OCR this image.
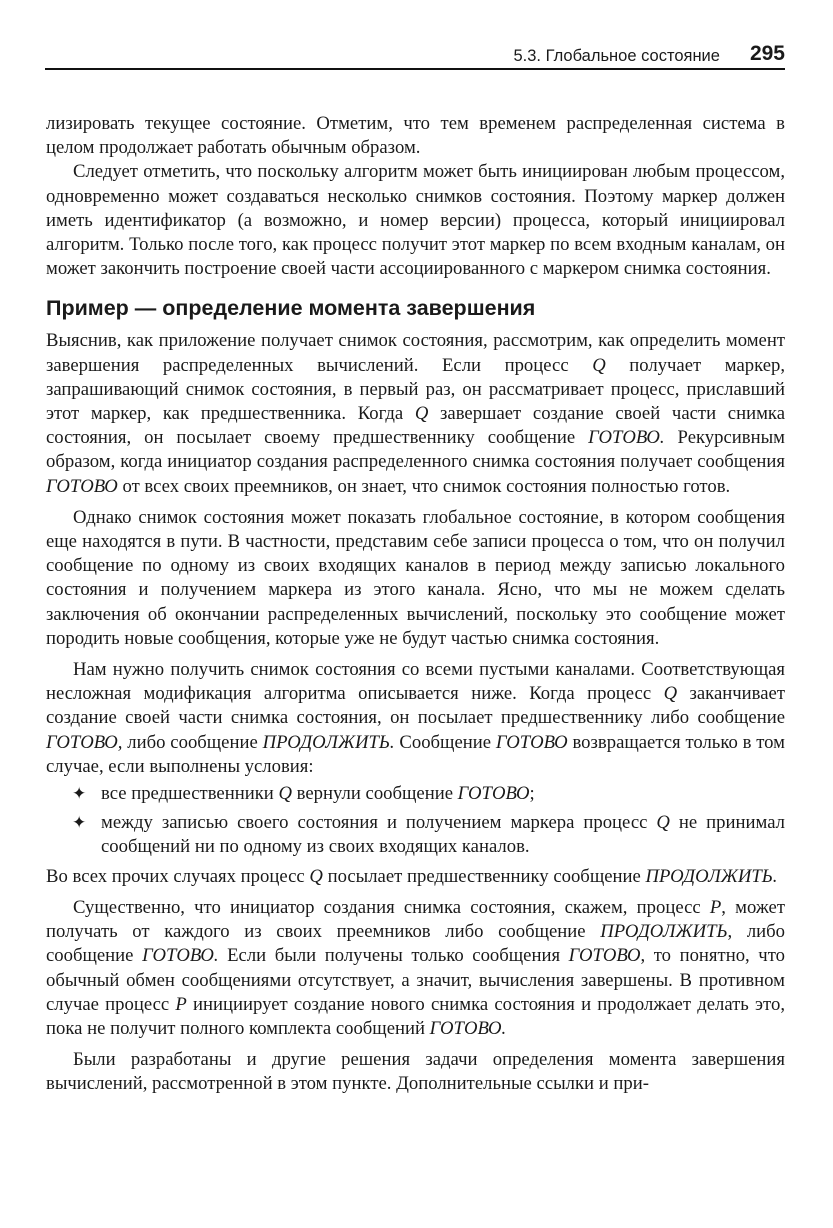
5.3. Глобальное состояние 295

лизировать текущее состояние. Отметим, что тем временем распределенная система в целом продолжает работать обычным образом.

Следует отметить, что поскольку алгоритм может быть инициирован любым процессом, одновременно может создаваться несколько снимков состояния. Поэтому маркер должен иметь идентификатор (а возможно, и номер версии) процесса, который инициировал алгоритм. Только после того, как процесс получит этот маркер по всем входным каналам, он может закончить построение своей части ассоциированного с маркером снимка состояния.

Пример — определение момента завершения

Выяснив, как приложение получает снимок состояния, рассмотрим, как определить момент завершения распределенных вычислений. Если процесс Q получает маркер, запрашивающий снимок состояния, в первый раз, он рассматривает процесс, приславший этот маркер, как предшественника. Когда Q завершает создание своей части снимка состояния, он посылает своему предшественнику сообщение ГОТОВО. Рекурсивным образом, когда инициатор создания распределенного снимка состояния получает сообщения ГОТОВО от всех своих преемников, он знает, что снимок состояния полностью готов.

Однако снимок состояния может показать глобальное состояние, в котором сообщения еще находятся в пути. В частности, представим себе записи процесса о том, что он получил сообщение по одному из своих входящих каналов в период между записью локального состояния и получением маркера из этого канала. Ясно, что мы не можем сделать заключения об окончании распределенных вычислений, поскольку это сообщение может породить новые сообщения, которые уже не будут частью снимка состояния.

Нам нужно получить снимок состояния со всеми пустыми каналами. Соответствующая несложная модификация алгоритма описывается ниже. Когда процесс Q заканчивает создание своей части снимка состояния, он посылает предшественнику либо сообщение ГОТОВО, либо сообщение ПРОДОЛЖИТЬ. Сообщение ГОТОВО возвращается только в том случае, если выполнены условия:

✦ все предшественники Q вернули сообщение ГОТОВО;
✦ между записью своего состояния и получением маркера процесс Q не принимал сообщений ни по одному из своих входящих каналов.

Во всех прочих случаях процесс Q посылает предшественнику сообщение ПРОДОЛЖИТЬ.

Существенно, что инициатор создания снимка состояния, скажем, процесс P, может получать от каждого из своих преемников либо сообщение ПРОДОЛЖИТЬ, либо сообщение ГОТОВО. Если были получены только сообщения ГОТОВО, то понятно, что обычный обмен сообщениями отсутствует, а значит, вычисления завершены. В противном случае процесс P инициирует создание нового снимка состояния и продолжает делать это, пока не получит полного комплекта сообщений ГОТОВО.

Были разработаны и другие решения задачи определения момента завершения вычислений, рассмотренной в этом пункте. Дополнительные ссылки и при-
